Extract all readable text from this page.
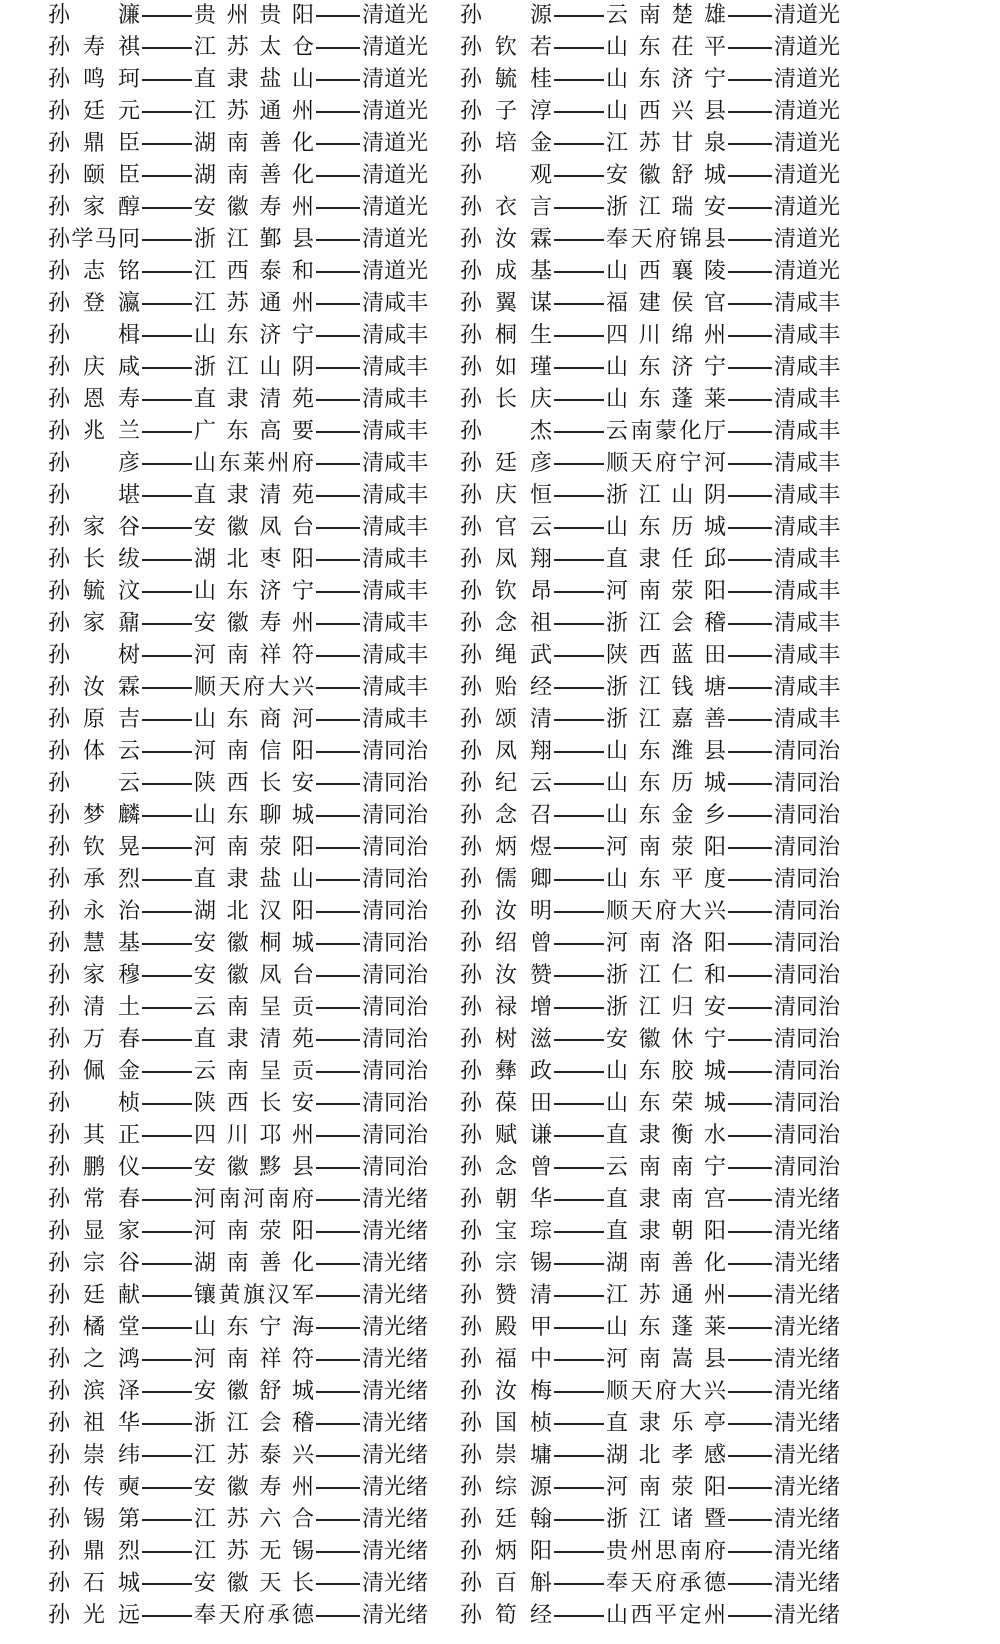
孙 濂 贵州贵阳 清道光
孙寿祺 江苏太仓 清道光
孙鸣珂 直隶盐山 清道光
孙廷元 江苏通州 清道光
孙鼎臣 湖南善化 清道光
孙颐臣 湖南善化 清道光
孙家醇 安徽寿州 清道光
孙学马冋 浙江鄞县 清道光
孙志铭 江西泰和 清道光
孙登瀛 江苏通州 清咸丰
孙 楫 山东济宁 清咸丰
孙庆咸 浙江山阴 清咸丰
孙恩寿 直隶清苑 清咸丰
孙兆兰 广东高要 清咸丰
孙 彦 山东莱州府 清咸丰
孙 堪 直隶清苑 清咸丰
孙家谷 安徽凤台 清咸丰
孙长绂 湖北枣阳 清咸丰
孙毓汶 山东济宁 清咸丰
孙家鼐 安徽寿州 清咸丰
孙 树 河南祥符 清咸丰
孙汝霖 顺天府大兴 清咸丰
孙原吉 山东商河 清咸丰
孙体云 河南信阳 清同治
孙 云 陕西长安 清同治
孙梦麟 山东聊城 清同治
孙钦晃 河南荥阳 清同治
孙承烈 直隶盐山 清同治
孙永治 湖北汉阳 清同治
孙慧基 安徽桐城 清同治
孙家穆 安徽凤台 清同治
孙清土 云南呈贡 清同治
孙万春 直隶清苑 清同治
孙佩金 云南呈贡 清同治
孙 桢 陕西长安 清同治
孙其正 四川邛州 清同治
孙鹏仪 安徽黟县 清同治
孙常春 河南河南府 清光绪
孙显家 河南荥阳 清光绪
孙宗谷 湖南善化 清光绪
孙廷献 镶黄旗汉军 清光绪
孙橘堂 山东宁海 清光绪
孙之鸿 河南祥符 清光绪
孙滨泽 安徽舒城 清光绪
孙祖华 浙江会稽 清光绪
孙崇纬 江苏泰兴 清光绪
孙传奭 安徽寿州 清光绪
孙锡第 江苏六合 清光绪
孙鼎烈 江苏无锡 清光绪
孙石城 安徽天长 清光绪
孙光远 奉天府承德 清光绪
孙 源 云南楚雄 清道光
孙钦若 山东茌平 清道光
孙毓桂 山东济宁 清道光
孙子淳 山西兴县 清道光
孙培金 江苏甘泉 清道光
孙 观 安徽舒城 清道光
孙衣言 浙江瑞安 清道光
孙汝霖 奉天府锦县 清道光
孙成基 山西襄陵 清道光
孙翼谋 福建侯官 清咸丰
孙桐生 四川绵州 清咸丰
孙如瑾 山东济宁 清咸丰
孙长庆 山东蓬莱 清咸丰
孙 杰 云南蒙化厅 清咸丰
孙廷彦 顺天府宁河 清咸丰
孙庆恒 浙江山阴 清咸丰
孙官云 山东历城 清咸丰
孙凤翔 直隶任邱 清咸丰
孙钦昂 河南荥阳 清咸丰
孙念祖 浙江会稽 清咸丰
孙绳武 陕西蓝田 清咸丰
孙贻经 浙江钱塘 清咸丰
孙颂清 浙江嘉善 清咸丰
孙凤翔 山东潍县 清同治
孙纪云 山东历城 清同治
孙念召 山东金乡 清同治
孙炳煜 河南荥阳 清同治
孙儒卿 山东平度 清同治
孙汝明 顺天府大兴 清同治
孙绍曾 河南洛阳 清同治
孙汝赞 浙江仁和 清同治
孙禄增 浙江归安 清同治
孙树滋 安徽休宁 清同治
孙彝政 山东胶城 清同治
孙葆田 山东荣城 清同治
孙赋谦 直隶衡水 清同治
孙念曾 云南南宁 清同治
孙朝华 直隶南宫 清光绪
孙宝琮 直隶朝阳 清光绪
孙宗锡 湖南善化 清光绪
孙赞清 江苏通州 清光绪
孙殿甲 山东蓬莱 清光绪
孙福中 河南嵩县 清光绪
孙汝梅 顺天府大兴 清光绪
孙国桢 直隶乐亭 清光绪
孙崇墉 湖北孝感 清光绪
孙综源 河南荥阳 清光绪
孙廷翰 浙江诸暨 清光绪
孙炳阳 贵州思南府 清光绪
孙百斛 奉天府承德 清光绪
孙筍经 山西平定州 清光绪
